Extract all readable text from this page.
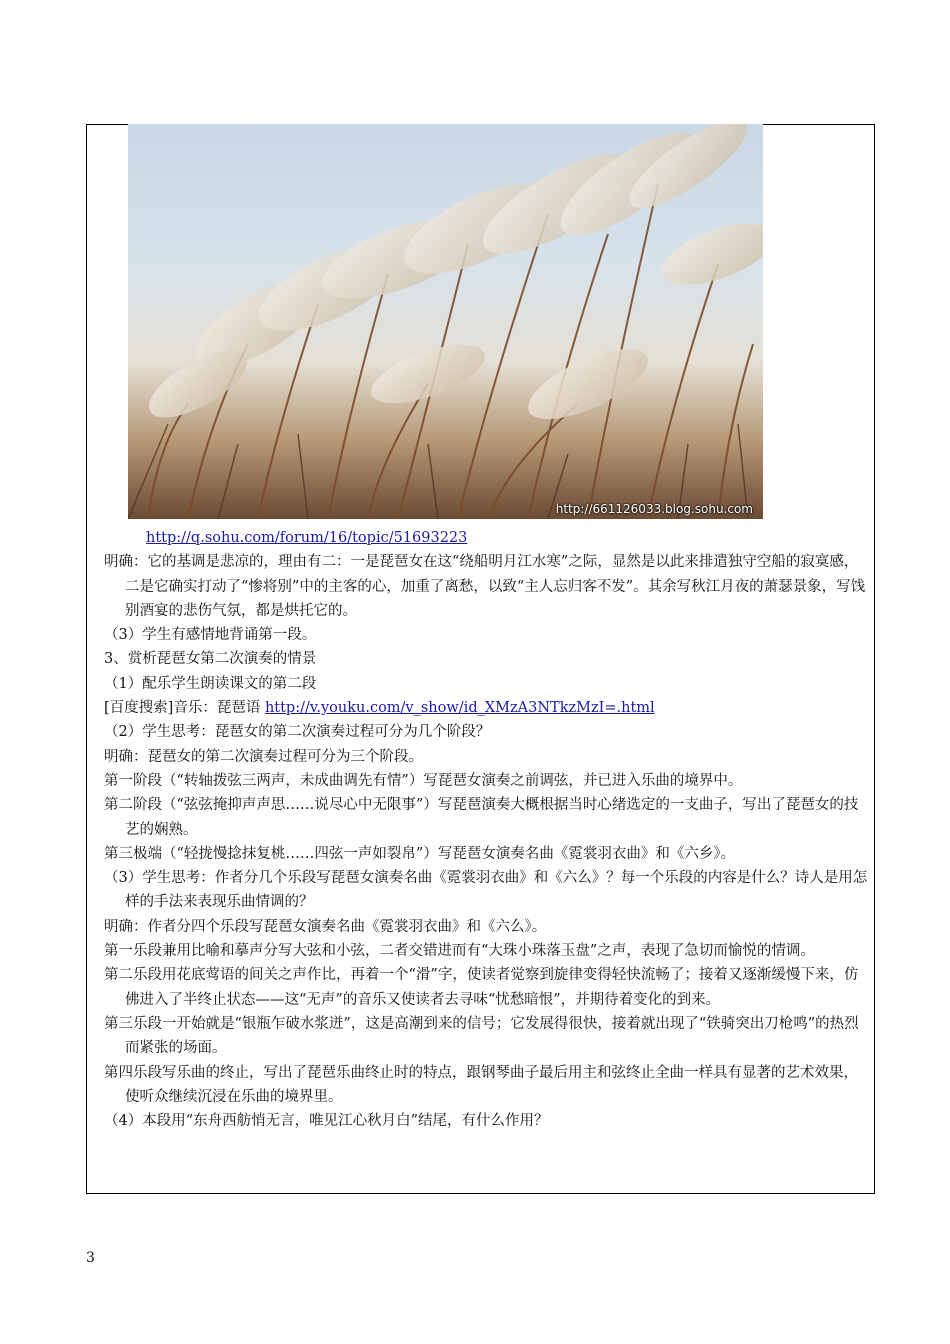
http://661126033.blog.sohu.com

http://q.sohu.com/forum/16/topic/51693223

明确：它的基调是悲凉的，理由有二：一是琵琶女在这“绕船明月江水寒”之际，显然是以此来排遣独守空船的寂寞感，二是它确实打动了“惨将别”中的主客的心，加重了离愁，以致“主人忘归客不发”。其余写秋江月夜的萧瑟景象，写饯别酒宴的悲伤气氛，都是烘托它的。

（3）学生有感情地背诵第一段。

3、赏析琵琶女第二次演奏的情景

（1）配乐学生朗读课文的第二段

[百度搜索]音乐：琵琶语 http://v.youku.com/v_show/id_XMzA3NTkzMzI=.html

（2）学生思考：琵琶女的第二次演奏过程可分为几个阶段？

明确：琵琶女的第二次演奏过程可分为三个阶段。

第一阶段（“转轴拨弦三两声，未成曲调先有情”）写琵琶女演奏之前调弦，并已进入乐曲的境界中。

第二阶段（“弦弦掩抑声声思……说尽心中无限事”）写琵琶演奏大概根据当时心绪选定的一支曲子，写出了琵琶女的技艺的娴熟。

第三极端（“轻拢慢捻抹复桃……四弦一声如裂帛”）写琵琶女演奏名曲《霓裳羽衣曲》和《六乡》。

（3）学生思考：作者分几个乐段写琵琶女演奏名曲《霓裳羽衣曲》和《六么》？每一个乐段的内容是什么？诗人是用怎样的手法来表现乐曲情调的？

明确：作者分四个乐段写琵琶女演奏名曲《霓裳羽衣曲》和《六么》。

第一乐段兼用比喻和摹声分写大弦和小弦，二者交错进而有“大珠小珠落玉盘”之声，表现了急切而愉悦的情调。

第二乐段用花底莺语的间关之声作比，再着一个“滑”字，使读者觉察到旋律变得轻快流畅了；接着又逐渐缓慢下来，仿佛进入了半终止状态——这“无声”的音乐又使读者去寻味“忧愁暗恨”，并期待着变化的到来。

第三乐段一开始就是“银瓶乍破水浆迸”，这是高潮到来的信号；它发展得很快，接着就出现了“铁骑突出刀枪鸣”的热烈而紧张的场面。

第四乐段写乐曲的终止，写出了琵琶乐曲终止时的特点，跟钢琴曲子最后用主和弦终止全曲一样具有显著的艺术效果，使听众继续沉浸在乐曲的境界里。

（4）本段用“东舟西舫悄无言，唯见江心秋月白”结尾，有什么作用？

3
